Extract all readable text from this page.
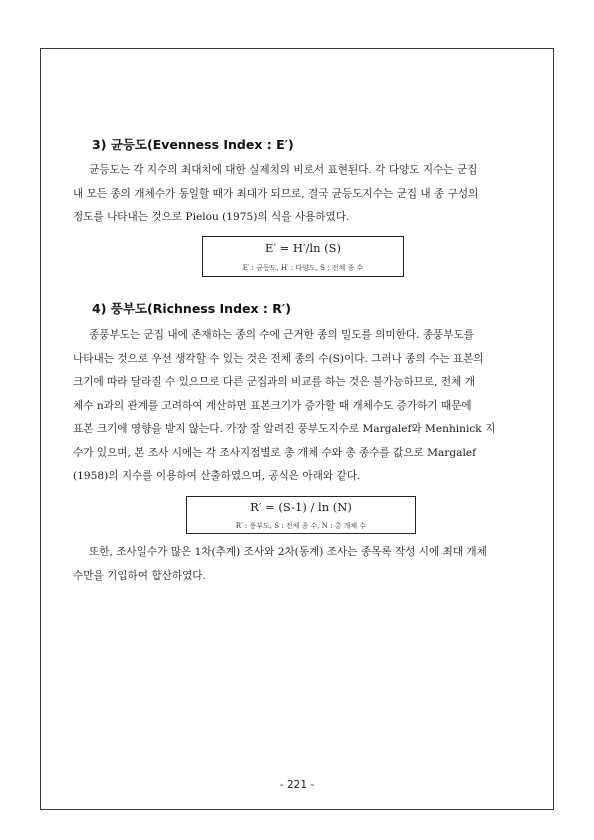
3) 균등도(Evenness Index : E′)

균등도는 각 지수의 최대치에 대한 실제치의 비로서 표현된다. 각 다양도 지수는 군집

내 모든 종의 개체수가 동일할 때가 최대가 되므로, 결국 균등도지수는 군집 내 종 구성의

정도를 나타내는 것으로 Pielou (1975)의 식을 사용하였다.

E′ = H′/ln (S)
E′ : 균등도, H′ : 다양도, S : 전체 종 수
4) 풍부도(Richness Index : R′)

종풍부도는 군집 내에 존재하는 종의 수에 근거한 종의 밀도를 의미한다. 종풍부도를

나타내는 것으로 우선 생각할 수 있는 것은 전체 종의 수(S)이다. 그러나 종의 수는 표본의

크기에 따라 달라질 수 있으므로 다른 군집과의 비교를 하는 것은 불가능하므로, 전체 개

체수 n과의 관계를 고려하여 계산하면 표본크기가 증가할 때 개체수도 증가하기 때문에

표본 크기에 영향을 받지 않는다. 가장 잘 알려진 풍부도지수로 Margalef와 Menhinick 지

수가 있으며, 본 조사 시에는 각 조사지점별로 총 개체 수와 총 종수를 값으로 Margalef

(1958)의 지수를 이용하여 산출하였으며, 공식은 아래와 같다.

R′ = (S-1) / ln (N)
R′ : 풍부도, S : 전체 종 수, N : 총 개체 수

또한, 조사일수가 많은 1차(추계) 조사와 2차(동계) 조사는 종목록 작성 시에 최대 개체

수만을 기입하여 합산하였다.

- 221 -
